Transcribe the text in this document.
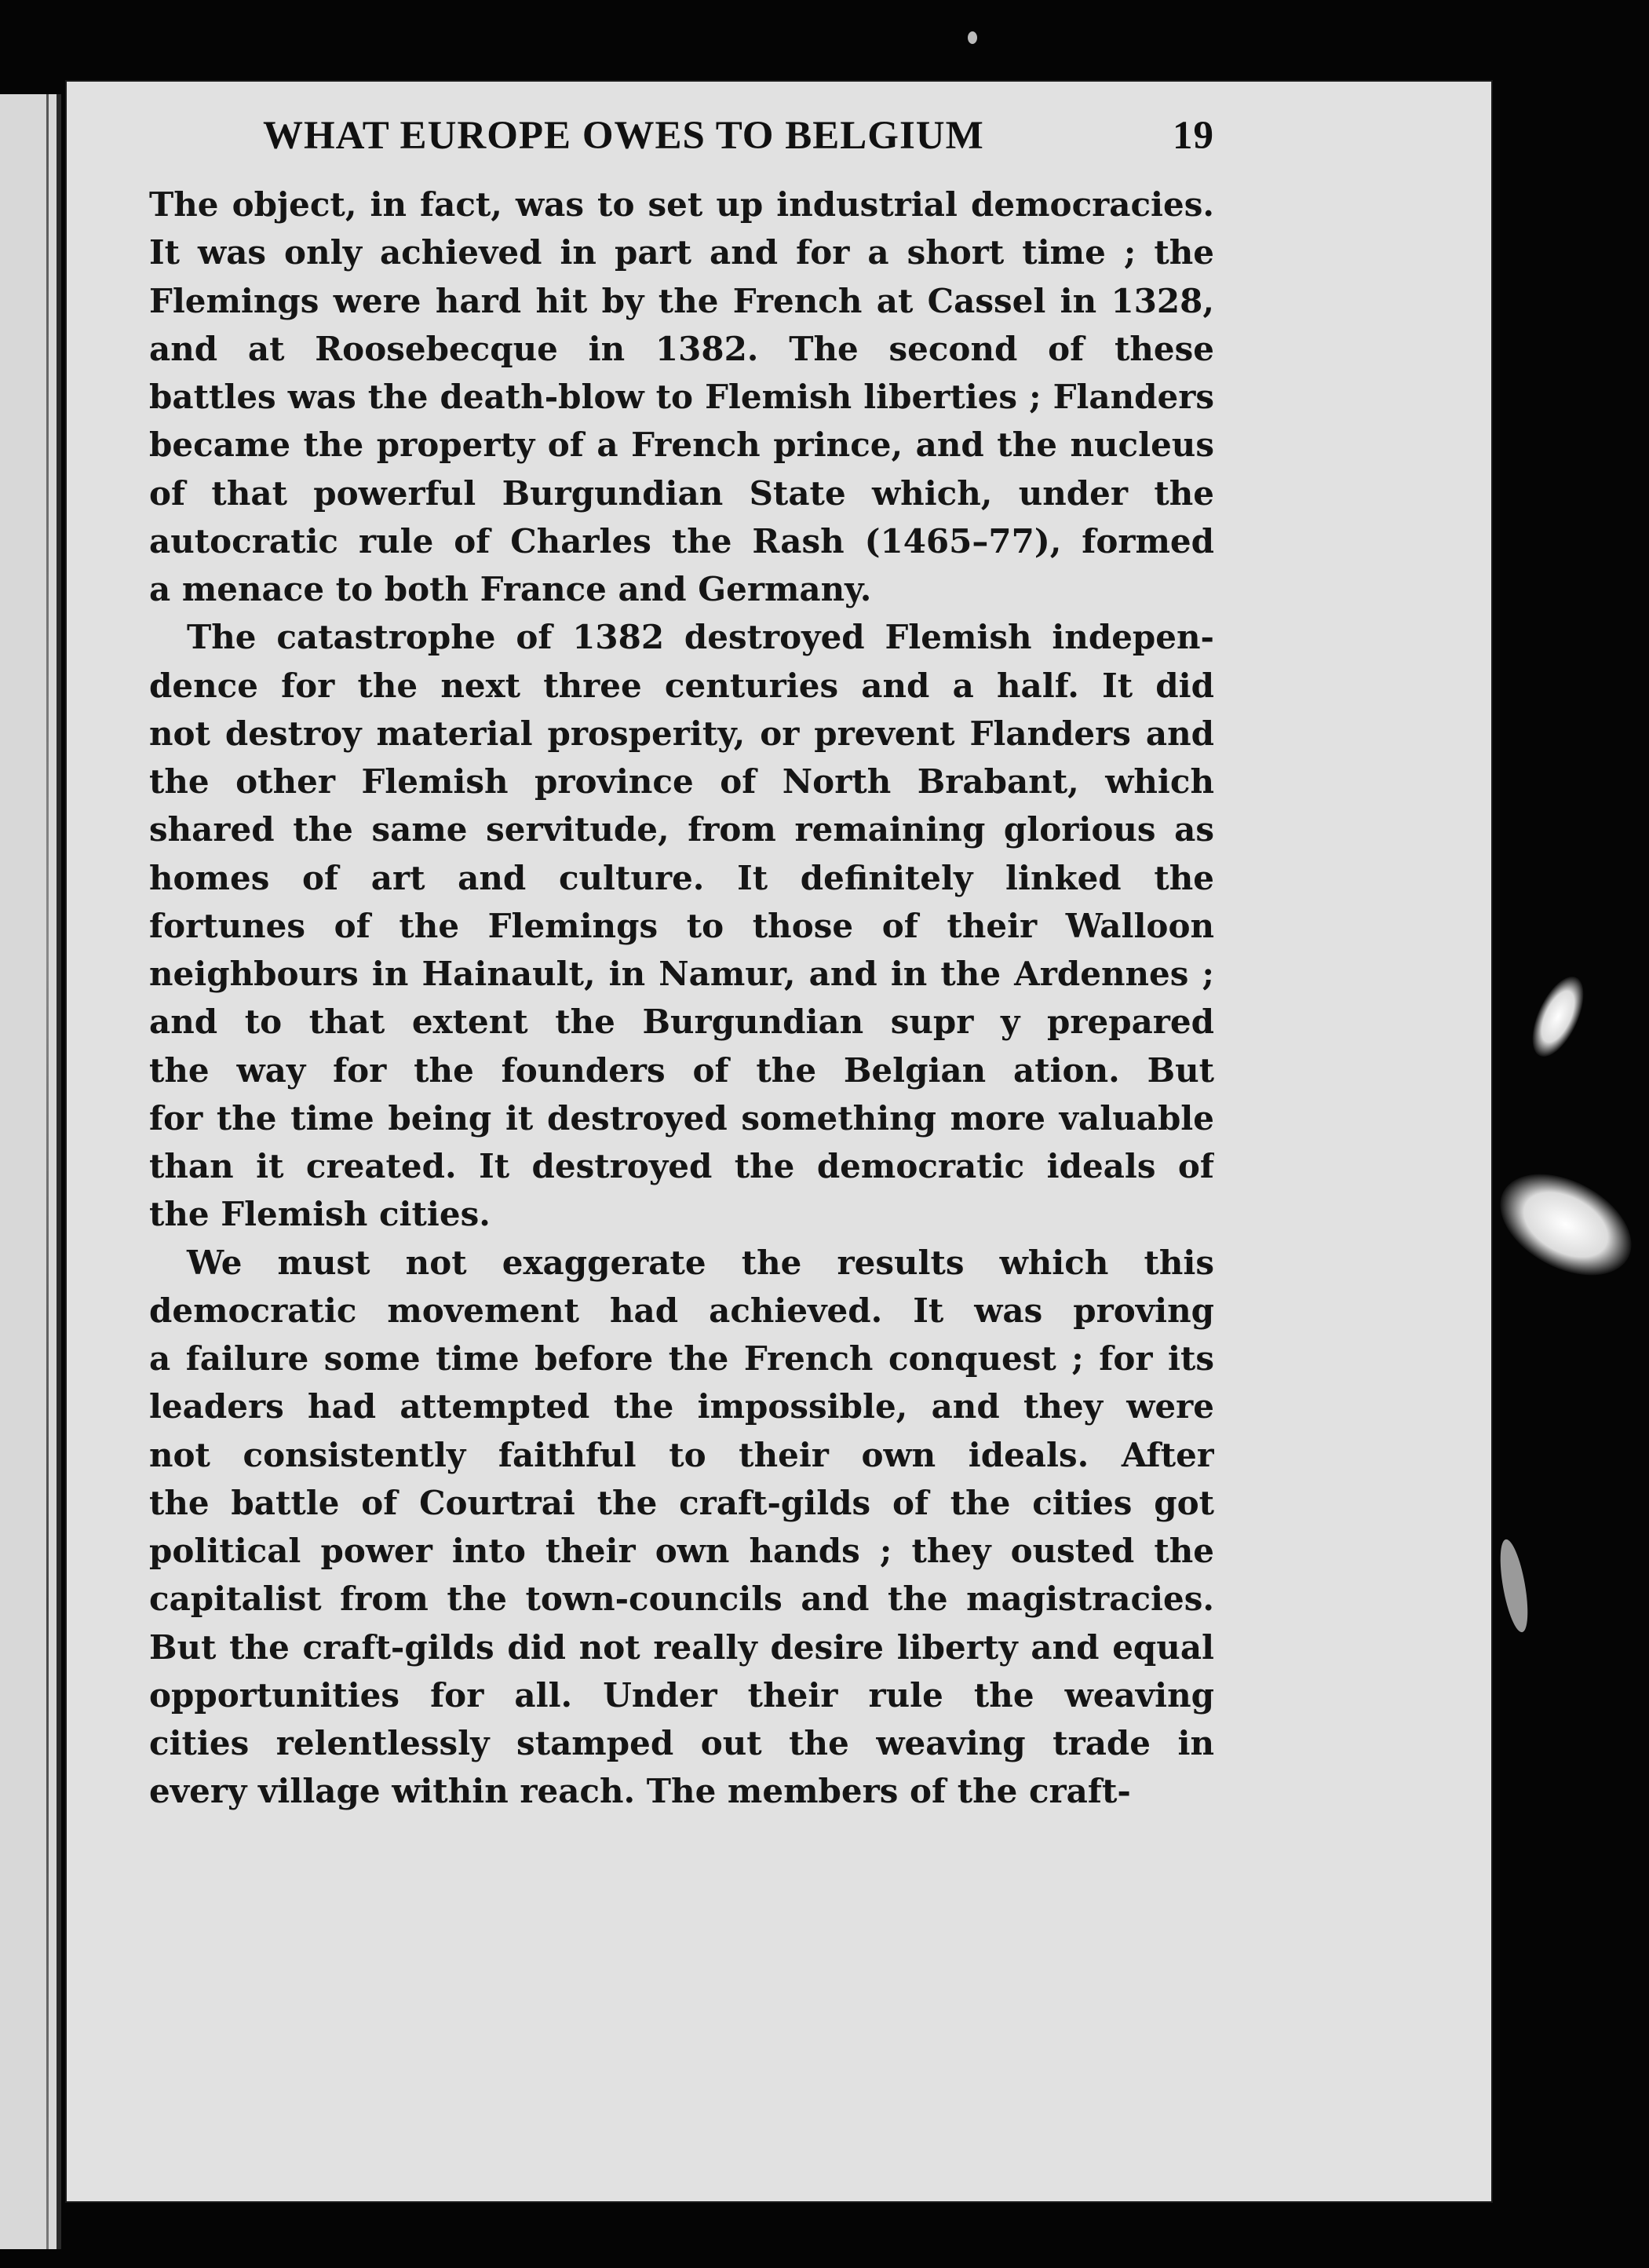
WHAT EUROPE OWES TO BELGIUM	19
The object, in fact, was to set up industrial democracies.
It was only achieved in part and for a short time ; the
Flemings were hard hit by the French at Cassel in 1328,
and at Roosebecque in 1382. The second of these
battles was the death-blow to Flemish liberties ; Flanders
became the property of a French prince, and the nucleus
of that powerful Burgundian State which, under the
autocratic rule of Charles the Rash (1465–77), formed
a menace to both France and Germany.
The catastrophe of 1382 destroyed Flemish indepen-
dence for the next three centuries and a half. It did
not destroy material prosperity, or prevent Flanders and
the other Flemish province of North Brabant, which
shared the same servitude, from remaining glorious as
homes of art and culture. It definitely linked the
fortunes of the Flemings to those of their Walloon
neighbours in Hainault, in Namur, and in the Ardennes ;
and to that extent the Burgundian supr y prepared
the way for the founders of the Belgian ation. But
for the time being it destroyed something more valuable
than it created. It destroyed the democratic ideals of
the Flemish cities.
We must not exaggerate the results which this
democratic movement had achieved. It was proving
a failure some time before the French conquest ; for its
leaders had attempted the impossible, and they were
not consistently faithful to their own ideals. After
the battle of Courtrai the craft-gilds of the cities got
political power into their own hands ; they ousted the
capitalist from the town-councils and the magistracies.
But the craft-gilds did not really desire liberty and equal
opportunities for all. Under their rule the weaving
cities relentlessly stamped out the weaving trade in
every village within reach. The members of the craft-
